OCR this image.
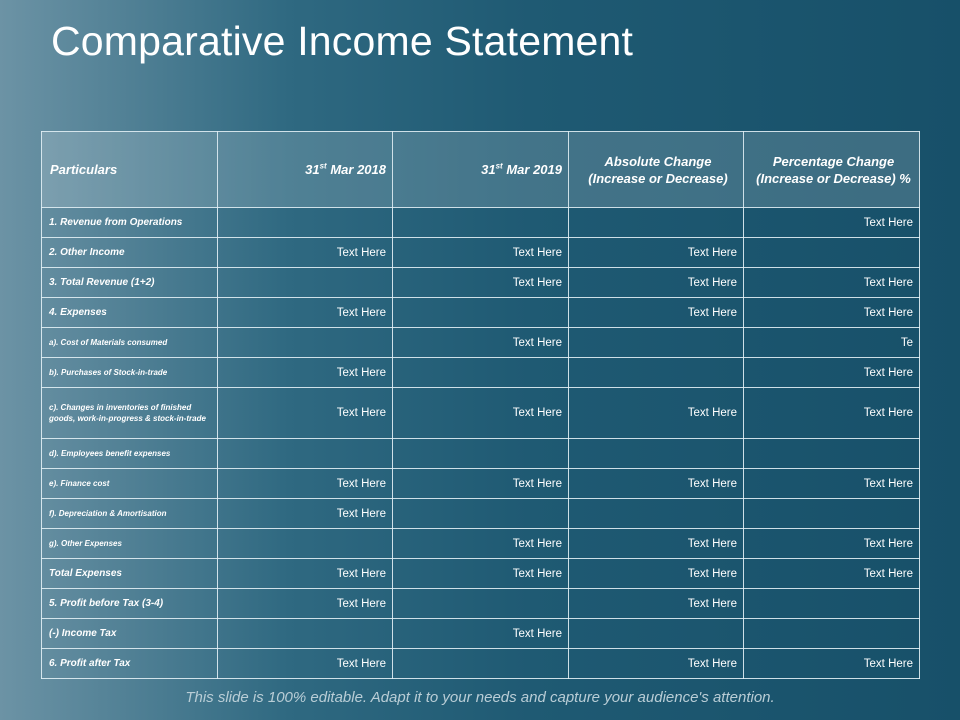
Comparative Income Statement
Particulars	31st Mar 2018	31st Mar 2019	Absolute Change (Increase or Decrease)	Percentage Change (Increase or Decrease) %
1. Revenue from Operations				Text Here
2. Other Income	Text Here	Text Here	Text Here	
3. Total Revenue (1+2)		Text Here	Text Here	Text Here
4. Expenses	Text Here		Text Here	Text Here
a). Cost of Materials consumed		Text Here		Te
b). Purchases of Stock-in-trade	Text Here			Text Here
c). Changes in inventories of finished goods, work-in-progress & stock-in-trade	Text Here	Text Here	Text Here	Text Here
d). Employees benefit expenses				
e). Finance cost	Text Here	Text Here	Text Here	Text Here
f). Depreciation & Amortisation	Text Here			
g). Other Expenses		Text Here	Text Here	Text Here
Total Expenses	Text Here	Text Here	Text Here	Text Here
5. Profit before Tax (3-4)	Text Here		Text Here	
(-) Income Tax		Text Here		
6. Profit after Tax	Text Here		Text Here	Text Here
This slide is 100% editable. Adapt it to your needs and capture your audience's attention.
